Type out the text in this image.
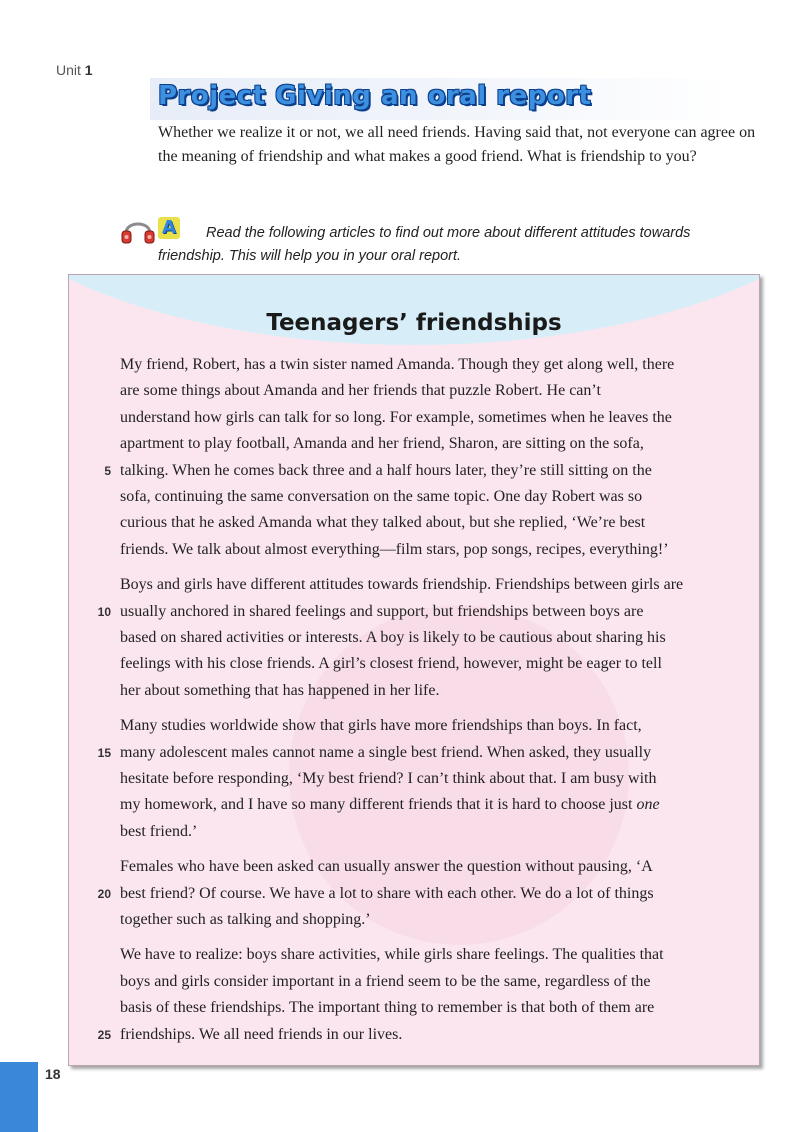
Unit 1
Project Giving an oral report
Whether we realize it or not, we all need friends. Having said that, not everyone can agree on the meaning of friendship and what makes a good friend. What is friendship to you?
A	Read the following articles to find out more about different attitudes towards friendship. This will help you in your oral report.
Teenagers’ friendships
My friend, Robert, has a twin sister named Amanda. Though they get along well, there
are some things about Amanda and her friends that puzzle Robert. He can’t
understand how girls can talk for so long. For example, sometimes when he leaves the
apartment to play football, Amanda and her friend, Sharon, are sitting on the sofa,
5 talking. When he comes back three and a half hours later, they’re still sitting on the
sofa, continuing the same conversation on the same topic. One day Robert was so
curious that he asked Amanda what they talked about, but she replied, ‘We’re best
friends. We talk about almost everything—film stars, pop songs, recipes, everything!’
Boys and girls have different attitudes towards friendship. Friendships between girls are
10 usually anchored in shared feelings and support, but friendships between boys are
based on shared activities or interests. A boy is likely to be cautious about sharing his
feelings with his close friends. A girl’s closest friend, however, might be eager to tell
her about something that has happened in her life.
Many studies worldwide show that girls have more friendships than boys. In fact,
15 many adolescent males cannot name a single best friend. When asked, they usually
hesitate before responding, ‘My best friend? I can’t think about that. I am busy with
my homework, and I have so many different friends that it is hard to choose just one
best friend.’
Females who have been asked can usually answer the question without pausing, ‘A
20 best friend? Of course. We have a lot to share with each other. We do a lot of things
together such as talking and shopping.’
We have to realize: boys share activities, while girls share feelings. The qualities that
boys and girls consider important in a friend seem to be the same, regardless of the
basis of these friendships. The important thing to remember is that both of them are
25 friendships. We all need friends in our lives.
18
